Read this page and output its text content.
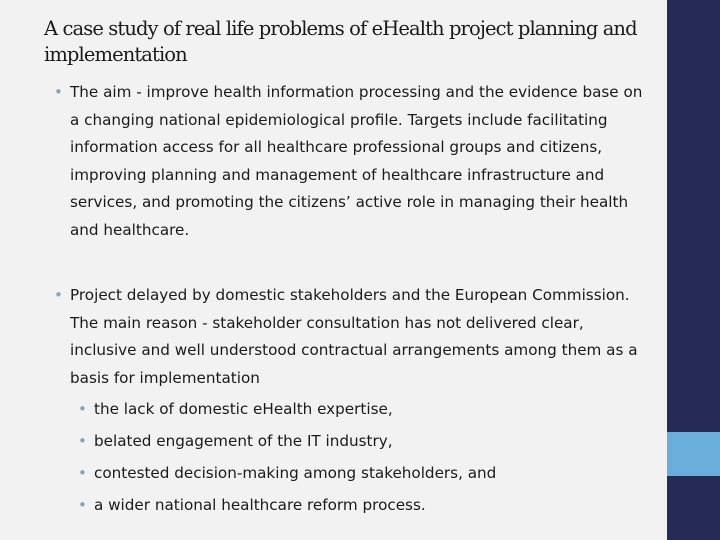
A case study of real life problems of eHealth project planning and implementation
• The aim - improve health information processing and the evidence base on a changing national epidemiological profile. Targets include facilitating information access for all healthcare professional groups and citizens, improving planning and management of healthcare infrastructure and services, and promoting the citizens’ active role in managing their health and healthcare.
• Project delayed by domestic stakeholders and the European Commission. The main reason - stakeholder consultation has not delivered clear, inclusive and well understood contractual arrangements among them as a basis for implementation
• the lack of domestic eHealth expertise,
• belated engagement of the IT industry,
• contested decision-making among stakeholders, and
• a wider national healthcare reform process.
